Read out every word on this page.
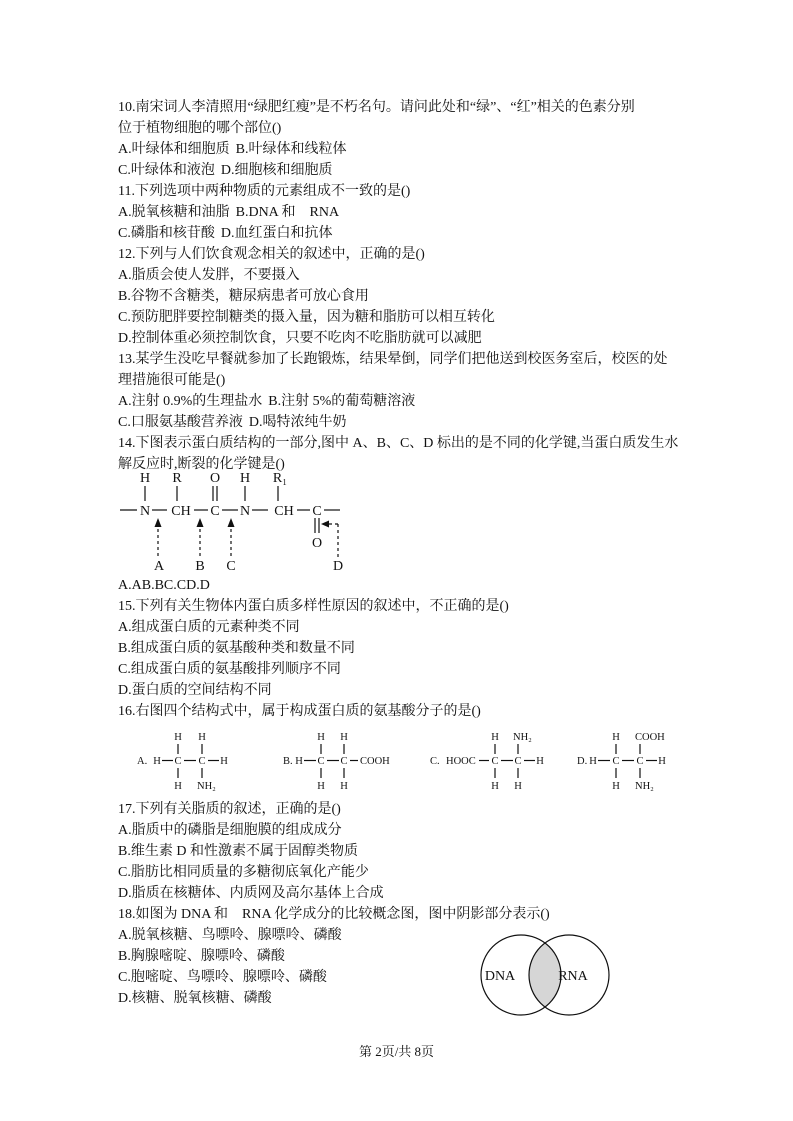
10.南宋词人李清照用“绿肥红瘦”是不朽名句。请问此处和“绿”、“红”相关的色素分别
位于植物细胞的哪个部位()
A.叶绿体和细胞质 B.叶绿体和线粒体
C.叶绿体和液泡 D.细胞核和细胞质
11.下列选项中两种物质的元素组成不一致的是()
A.脱氧核糖和油脂 B.DNA 和　RNA
C.磷脂和核苷酸 D.血红蛋白和抗体
12.下列与人们饮食观念相关的叙述中，正确的是()
A.脂质会使人发胖，不要摄入
B.谷物不含糖类，糖尿病患者可放心食用
C.预防肥胖要控制糖类的摄入量，因为糖和脂肪可以相互转化
D.控制体重必须控制饮食，只要不吃肉不吃脂肪就可以减肥
13.某学生没吃早餐就参加了长跑锻炼，结果晕倒，同学们把他送到校医务室后，校医的处
理措施很可能是()
A.注射 0.9%的生理盐水 B.注射 5%的葡萄糖溶液
C.口服氨基酸营养液 D.喝特浓纯牛奶
14.下图表示蛋白质结构的一部分,图中 A、B、C、D 标出的是不同的化学键,当蛋白质发生水
解反应时,断裂的化学键是()
A.AB.BC.CD.D
15.下列有关生物体内蛋白质多样性原因的叙述中，不正确的是()
A.组成蛋白质的元素种类不同
B.组成蛋白质的氨基酸种类和数量不同
C.组成蛋白质的氨基酸排列顺序不同
D.蛋白质的空间结构不同
16.右图四个结构式中，属于构成蛋白质的氨基酸分子的是()
17.下列有关脂质的叙述，正确的是()
A.脂质中的磷脂是细胞膜的组成成分
B.维生素 D 和性激素不属于固醇类物质
C.脂肪比相同质量的多糖彻底氧化产能少
D.脂质在核糖体、内质网及高尔基体上合成
18.如图为 DNA 和　RNA 化学成分的比较概念图，图中阴影部分表示()
A.脱氧核糖、鸟嘌呤、腺嘌呤、磷酸
B.胸腺嘧啶、腺嘌呤、磷酸
C.胞嘧啶、鸟嘌呤、腺嘌呤、磷酸
D.核糖、脱氧核糖、磷酸
H R O H R₁
N CH C N CH C
O
A B C	D
A. H C C H
H H
H NH₂
B. H C C COOH
H H
H H
C. HOOC C C H
H NH₂
H H
D. H C C H
H COOH
H NH₂
DNA	RNA
第 2页/共 8页
